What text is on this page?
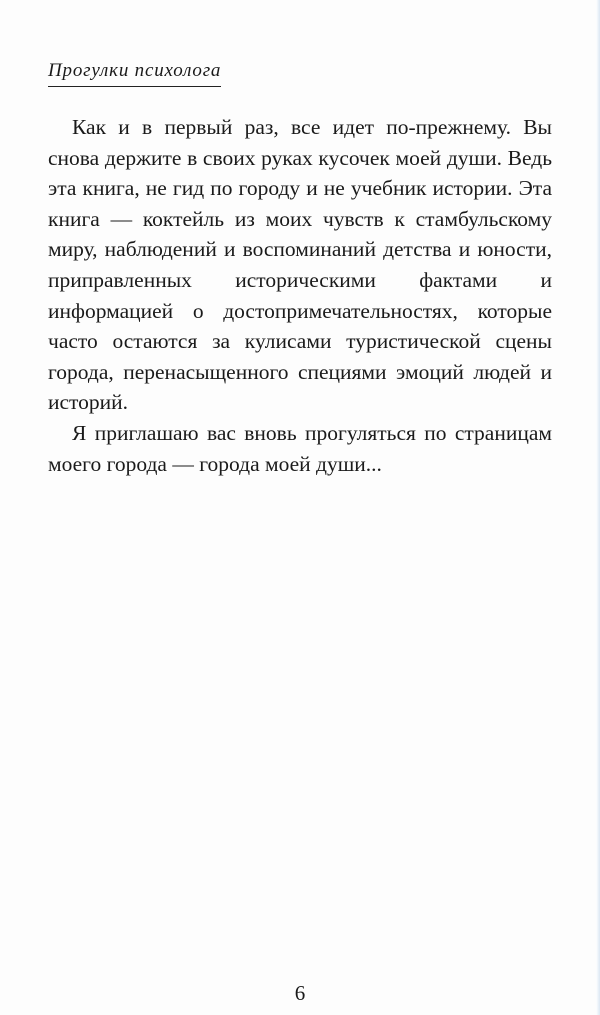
Прогулки психолога

Как и в первый раз, все идет по-прежнему. Вы снова держите в своих руках кусочек моей души. Ведь эта книга, не гид по городу и не учебник истории. Эта книга — коктейль из моих чувств к стамбульскому миру, наблюдений и воспоминаний детства и юности, приправленных историческими фактами и информацией о достопримечательностях, которые часто остаются за кулисами туристической сцены города, перенасыщенного специями эмоций людей и историй.

Я приглашаю вас вновь прогуляться по страницам моего города — города моей души...

6
